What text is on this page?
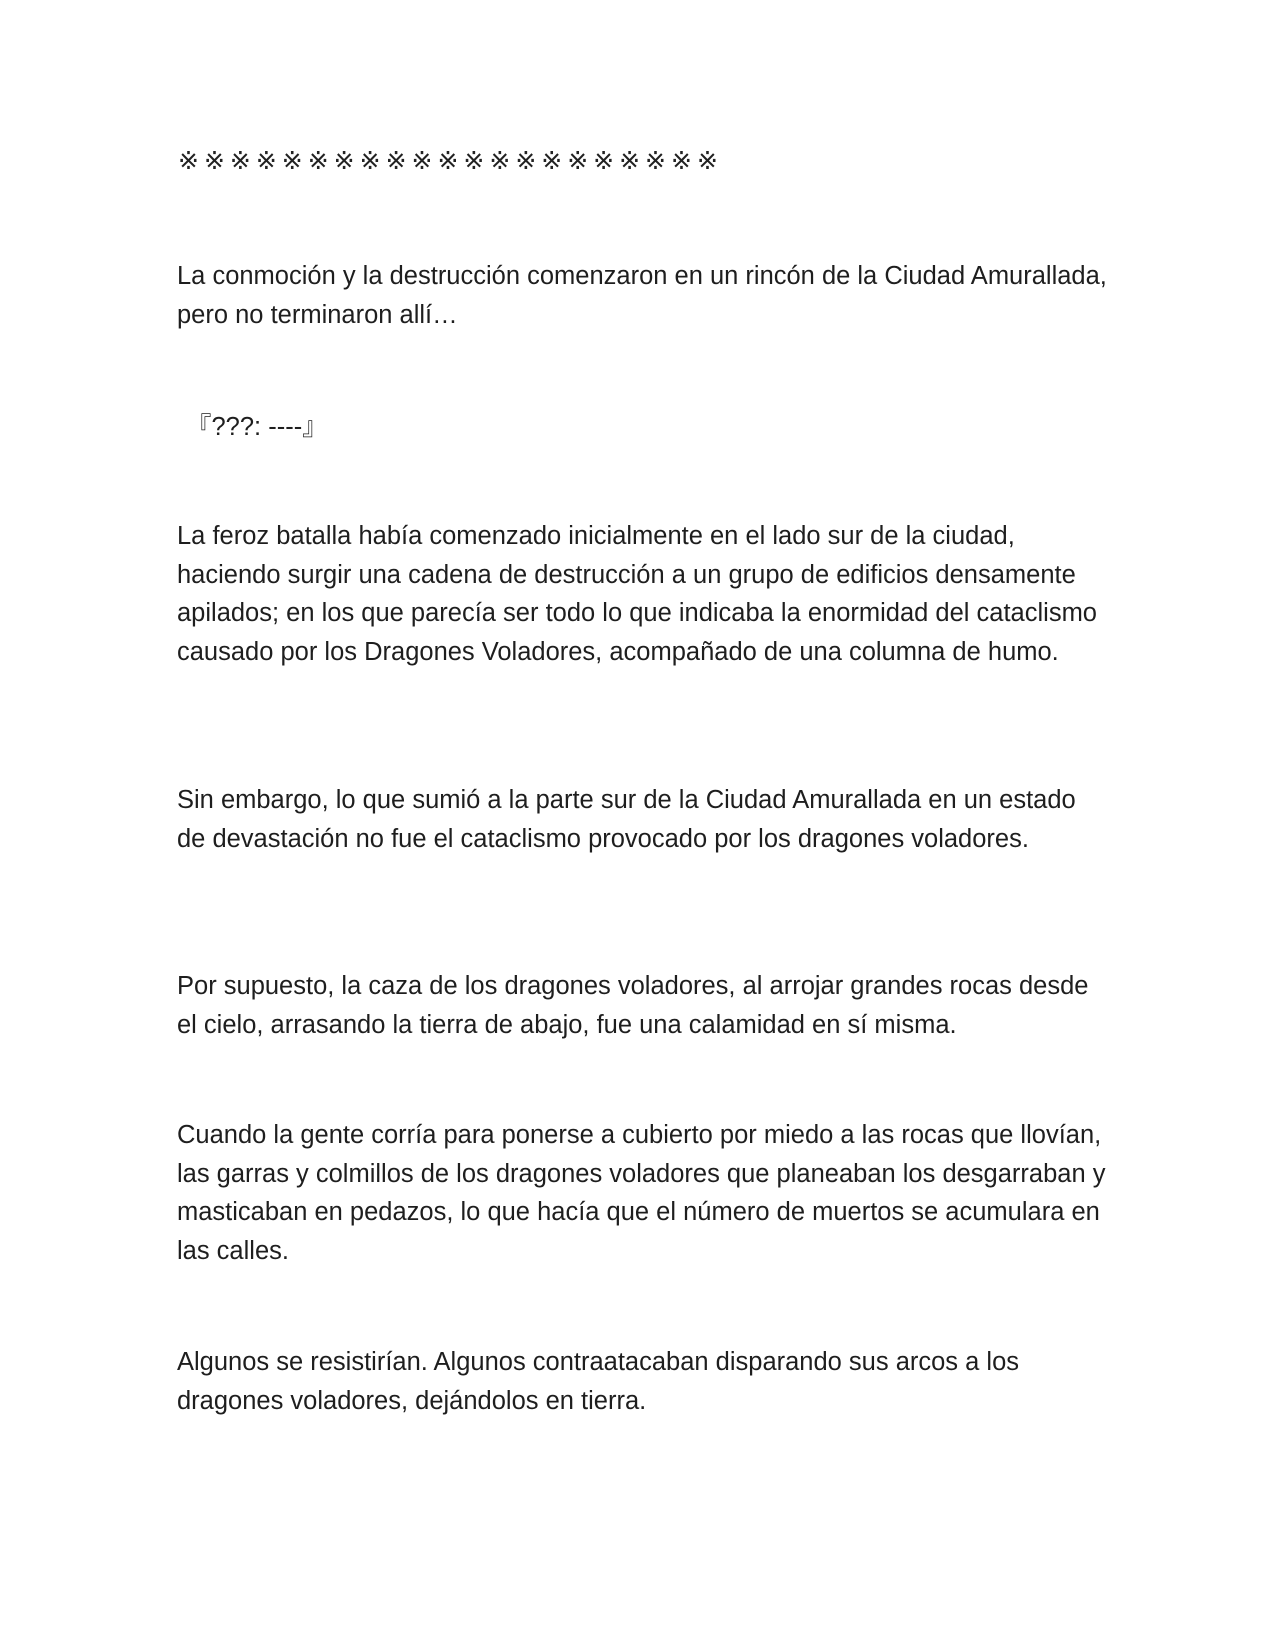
※※※※※※※※※※※※※※※※※※※※※

La conmoción y la destrucción comenzaron en un rincón de la Ciudad Amurallada, pero no terminaron allí…

『???: ----』

La feroz batalla había comenzado inicialmente en el lado sur de la ciudad, haciendo surgir una cadena de destrucción a un grupo de edificios densamente apilados; en los que parecía ser todo lo que indicaba la enormidad del cataclismo causado por los Dragones Voladores, acompañado de una columna de humo.

Sin embargo, lo que sumió a la parte sur de la Ciudad Amurallada en un estado de devastación no fue el cataclismo provocado por los dragones voladores.

Por supuesto, la caza de los dragones voladores, al arrojar grandes rocas desde el cielo, arrasando la tierra de abajo, fue una calamidad en sí misma.

Cuando la gente corría para ponerse a cubierto por miedo a las rocas que llovían, las garras y colmillos de los dragones voladores que planeaban los desgarraban y masticaban en pedazos, lo que hacía que el número de muertos se acumulara en las calles.

Algunos se resistirían. Algunos contraatacaban disparando sus arcos a los dragones voladores, dejándolos en tierra.
